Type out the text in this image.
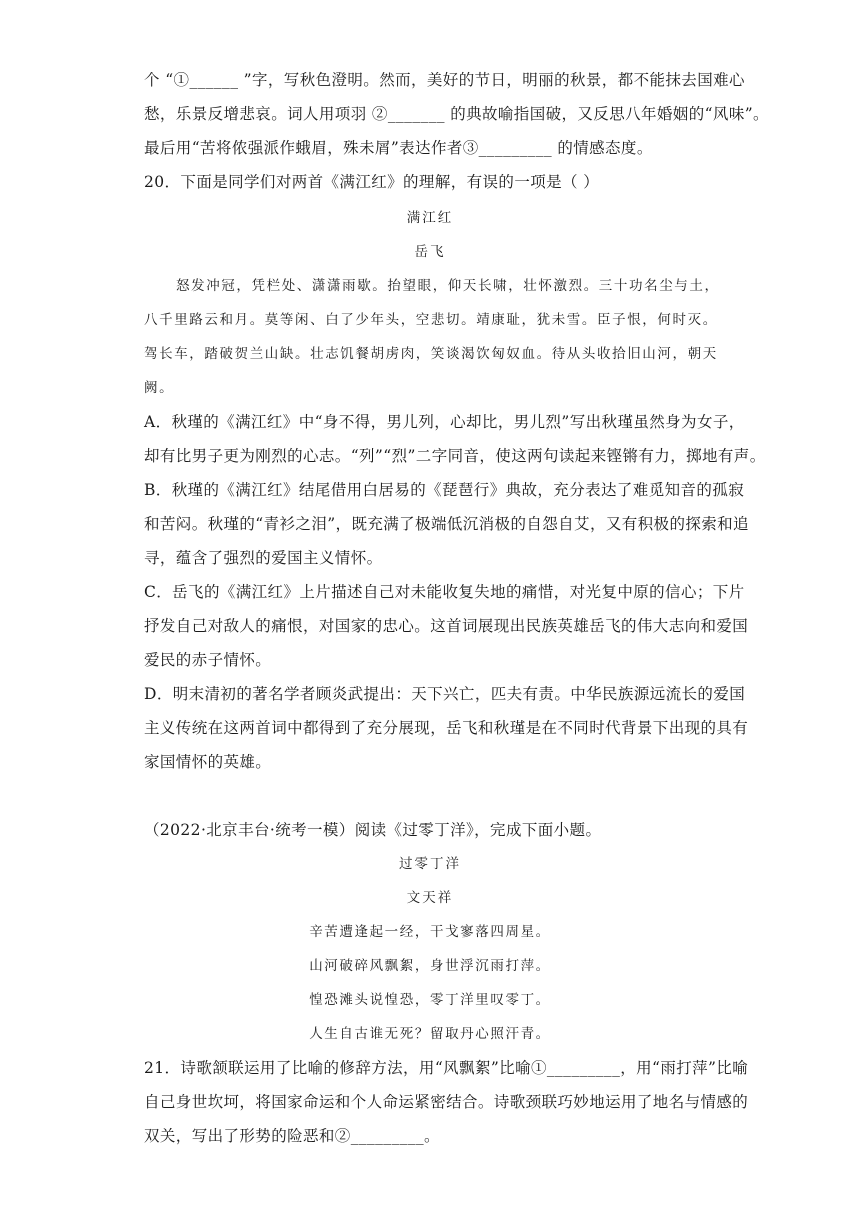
个 “①______ ”字，写秋色澄明。然而，美好的节日，明丽的秋景，都不能抹去国难心
愁，乐景反增悲哀。词人用项羽 ②_______ 的典故喻指国破，又反思八年婚姻的“风味”。
最后用“苦将侬强派作蛾眉，殊未屑”表达作者③_________ 的情感态度。
20．下面是同学们对两首《满江红》的理解，有误的一项是（ ）
满江红
岳飞
怒发冲冠，凭栏处、潇潇雨歇。抬望眼，仰天长啸，壮怀激烈。三十功名尘与土，
八千里路云和月。莫等闲、白了少年头，空悲切。靖康耻，犹未雪。臣子恨，何时灭。
驾长车，踏破贺兰山缺。壮志饥餐胡虏肉，笑谈渴饮匈奴血。待从头收拾旧山河，朝天
阙。
A．秋瑾的《满江红》中“身不得，男儿列，心却比，男儿烈”写出秋瑾虽然身为女子，
却有比男子更为刚烈的心志。“列”“烈”二字同音，使这两句读起来铿锵有力，掷地有声。
B．秋瑾的《满江红》结尾借用白居易的《琵琶行》典故，充分表达了难觅知音的孤寂
和苦闷。秋瑾的“青衫之泪”，既充满了极端低沉消极的自怨自艾，又有积极的探索和追
寻，蕴含了强烈的爱国主义情怀。
C．岳飞的《满江红》上片描述自己对未能收复失地的痛惜，对光复中原的信心；下片
抒发自己对敌人的痛恨，对国家的忠心。这首词展现出民族英雄岳飞的伟大志向和爱国
爱民的赤子情怀。
D．明末清初的著名学者顾炎武提出：天下兴亡，匹夫有责。中华民族源远流长的爱国
主义传统在这两首词中都得到了充分展现，岳飞和秋瑾是在不同时代背景下出现的具有
家国情怀的英雄。
（2022·北京丰台·统考一模）阅读《过零丁洋》，完成下面小题。
过零丁洋
文天祥
辛苦遭逢起一经，干戈寥落四周星。
山河破碎风飘絮，身世浮沉雨打萍。
惶恐滩头说惶恐，零丁洋里叹零丁。
人生自古谁无死？留取丹心照汗青。
21．诗歌颔联运用了比喻的修辞方法，用“风飘絮”比喻①_________，用“雨打萍”比喻
自己身世坎坷，将国家命运和个人命运紧密结合。诗歌颈联巧妙地运用了地名与情感的
双关，写出了形势的险恶和②_________。
